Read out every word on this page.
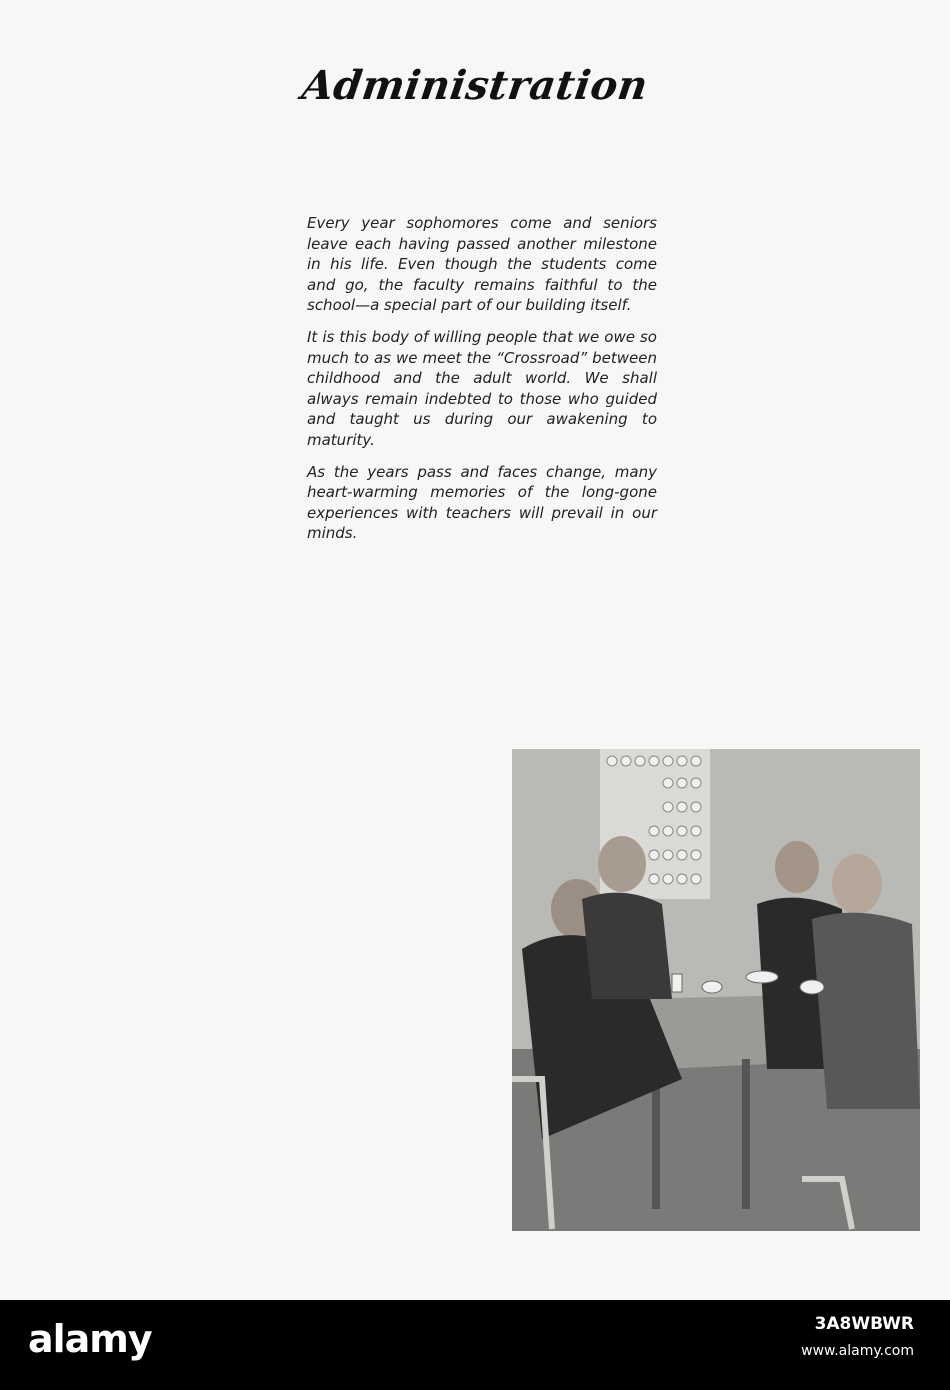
Administration

Every year sophomores come and seniors leave each having passed another milestone in his life. Even though the students come and go, the faculty remains faithful to the school—a special part of our building itself.

It is this body of willing people that we owe so much to as we meet the “Crossroad” between childhood and the adult world. We shall always remain indebted to those who guided and taught us during our awakening to maturity.

As the years pass and faces change, many heart-warming memories of the long-gone experiences with teachers will prevail in our minds.

alamy	3A8WBWR
www.alamy.com
